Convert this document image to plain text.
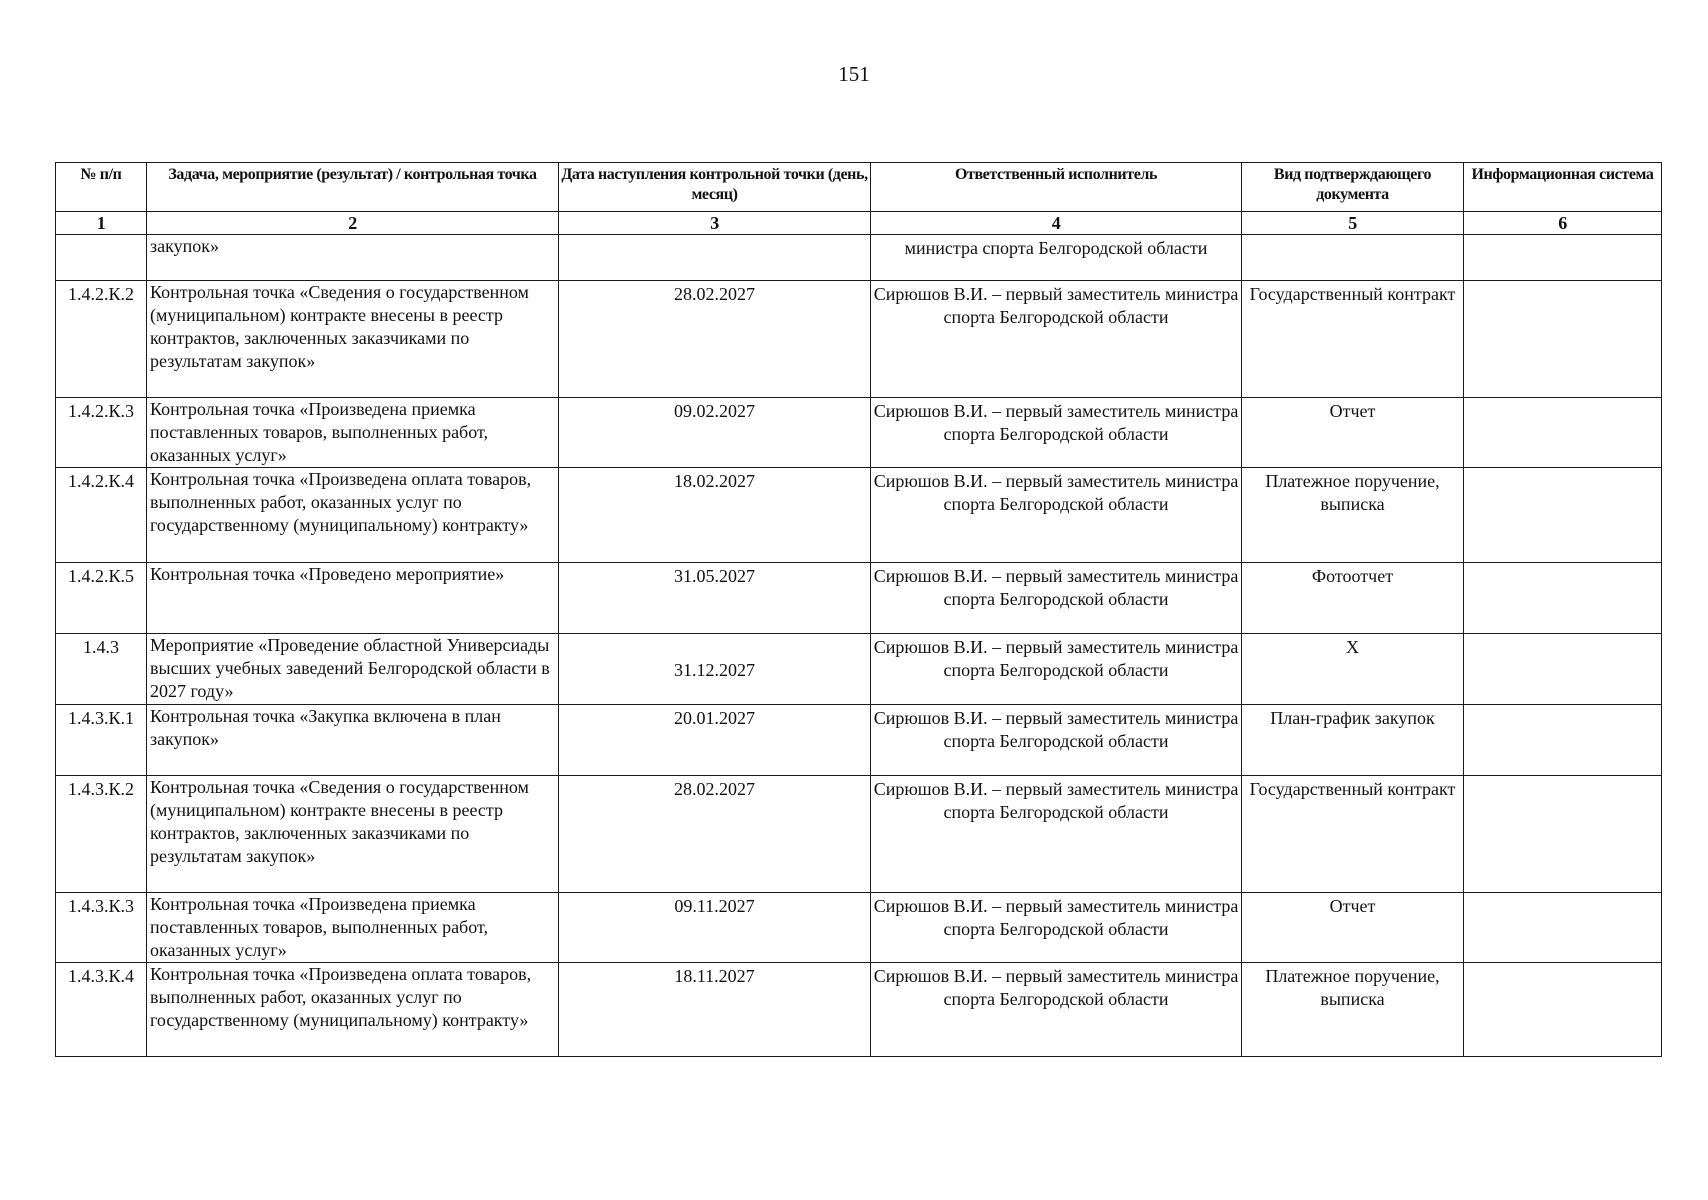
151
№ п/п	Задача, мероприятие (результат) / контрольная точка	Дата наступления контрольной точки (день, месяц)	Ответственный исполнитель	Вид подтверждающего документа	Информационная система
1	2	3	4	5	6
	закупок»		министра спорта Белгородской области		
1.4.2.К.2	Контрольная точка «Сведения о государственном (муниципальном) контракте внесены в реестр контрактов, заключенных заказчиками по результатам закупок»	28.02.2027	Сирюшов В.И. – первый заместитель министра спорта Белгородской области	Государственный контракт	
1.4.2.К.3	Контрольная точка «Произведена приемка поставленных товаров, выполненных работ, оказанных услуг»	09.02.2027	Сирюшов В.И. – первый заместитель министра спорта Белгородской области	Отчет	
1.4.2.К.4	Контрольная точка «Произведена оплата товаров, выполненных работ, оказанных услуг по государственному (муниципальному) контракту»	18.02.2027	Сирюшов В.И. – первый заместитель министра спорта Белгородской области	Платежное поручение, выписка	
1.4.2.К.5	Контрольная точка «Проведено мероприятие»	31.05.2027	Сирюшов В.И. – первый заместитель министра спорта Белгородской области	Фотоотчет	
1.4.3	Мероприятие «Проведение областной Универсиады высших учебных заведений Белгородской области в 2027 году»	31.12.2027	Сирюшов В.И. – первый заместитель министра спорта Белгородской области	Х	
1.4.3.К.1	Контрольная точка «Закупка включена в план закупок»	20.01.2027	Сирюшов В.И. – первый заместитель министра спорта Белгородской области	План-график закупок	
1.4.3.К.2	Контрольная точка «Сведения о государственном (муниципальном) контракте внесены в реестр контрактов, заключенных заказчиками по результатам закупок»	28.02.2027	Сирюшов В.И. – первый заместитель министра спорта Белгородской области	Государственный контракт	
1.4.3.К.3	Контрольная точка «Произведена приемка поставленных товаров, выполненных работ, оказанных услуг»	09.11.2027	Сирюшов В.И. – первый заместитель министра спорта Белгородской области	Отчет	
1.4.3.К.4	Контрольная точка «Произведена оплата товаров, выполненных работ, оказанных услуг по государственному (муниципальному) контракту»	18.11.2027	Сирюшов В.И. – первый заместитель министра спорта Белгородской области	Платежное поручение, выписка	
